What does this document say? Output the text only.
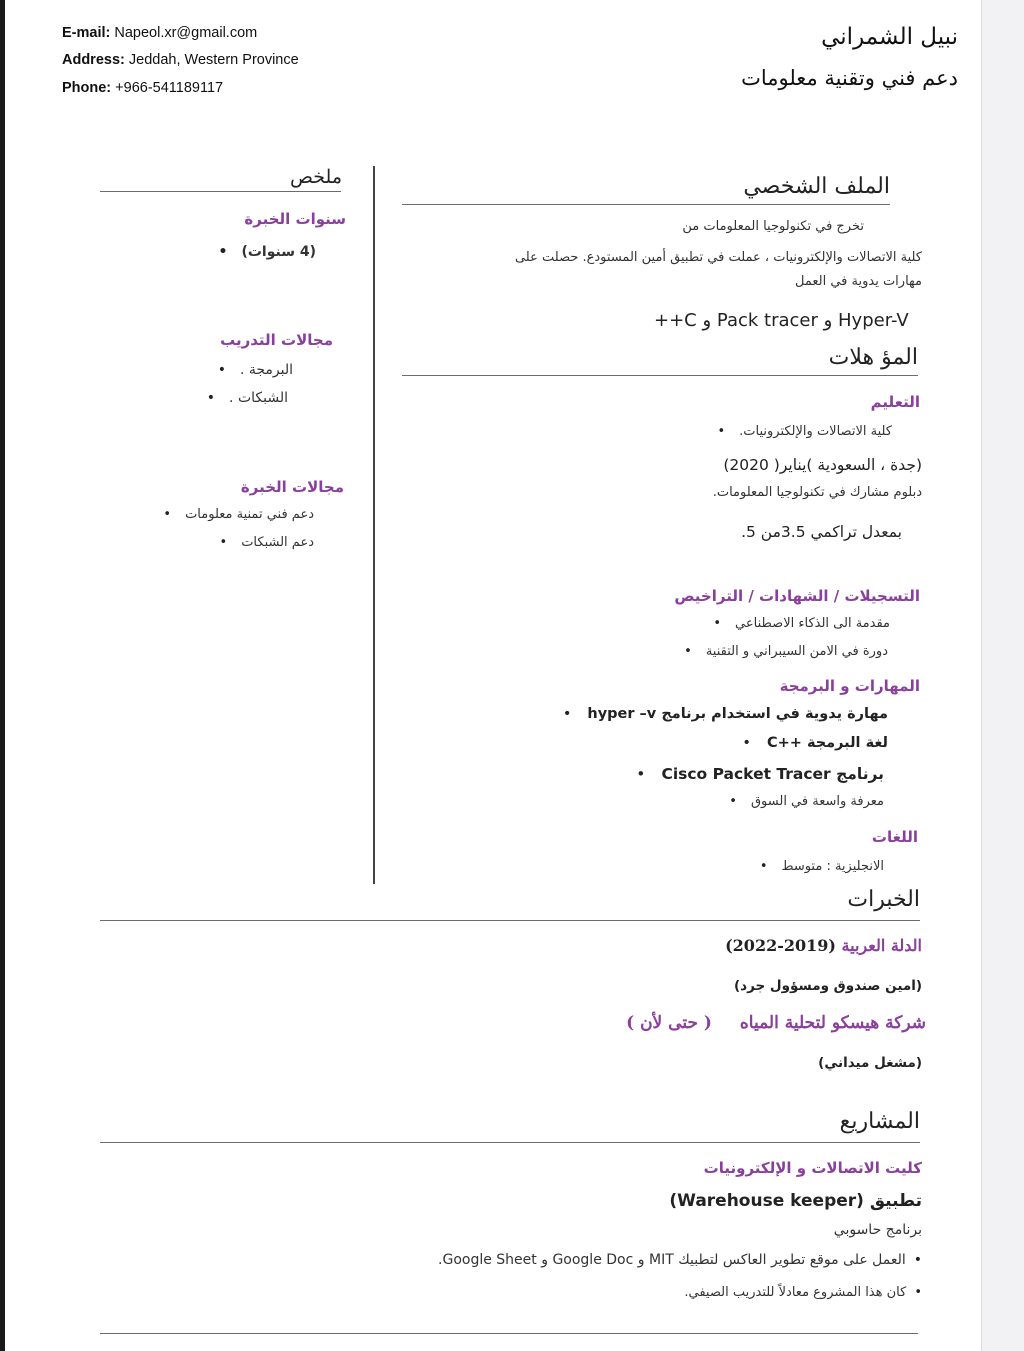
E-mail: Napeol.xr@gmail.com
Address: Jeddah, Western Province
Phone: +966-541189117
نبيل الشمراني
دعم فني وتقنية معلومات
ملخص
سنوات الخبرة
(4 سنوات) •
مجالات التدريب
البرمجة . •
الشبكات . •
مجالات الخبرة
دعم فني تمنية معلومات •
دعم الشبكات •
الملف الشخصي
تخرج في تكنولوجيا المعلومات من
كلية الاتصالات والإلكترونيات ، عملت في تطبيق أمين المستودع. حصلت على
مهارات يدوية في العمل
++C و Pack tracer و Hyper-V
المؤ هلات
التعليم
كلية الاتصالات والإلكترونيات. •
(جدة ، السعودية )يناير( 2020)
دبلوم مشارك في تكنولوجيا المعلومات.
بمعدل تراكمي 3.5من 5.
التسجيلات / الشهادات / التراخيص
مقدمة الى الذكاء الاصطناعي •
دورة في الامن السيبراني و التقنية •
المهارات و البرمجة
مهارة يدوية في استخدام برنامج hyper –v •
لغة البرمجة ++C •
برنامج Cisco Packet Tracer •
معرفة واسعة في السوق •
اللغات
الانجليزية : متوسط •
الخبرات
الدلة العربية (2019-2022)
(امين صندوق ومسؤول جرد)
شركة هيسكو لتحلية المياه ( حتى لأن )
(مشغل ميداني)
المشاريع
كليت الاتصالات و الإلكترونيات
تطبيق (Warehouse keeper)
برنامج حاسوبي
• العمل على موقع تطوير العاكس لتطبيك MIT و Google Doc و Google Sheet.
• كان هذا المشروع معادلاً للتدريب الصيفي.
